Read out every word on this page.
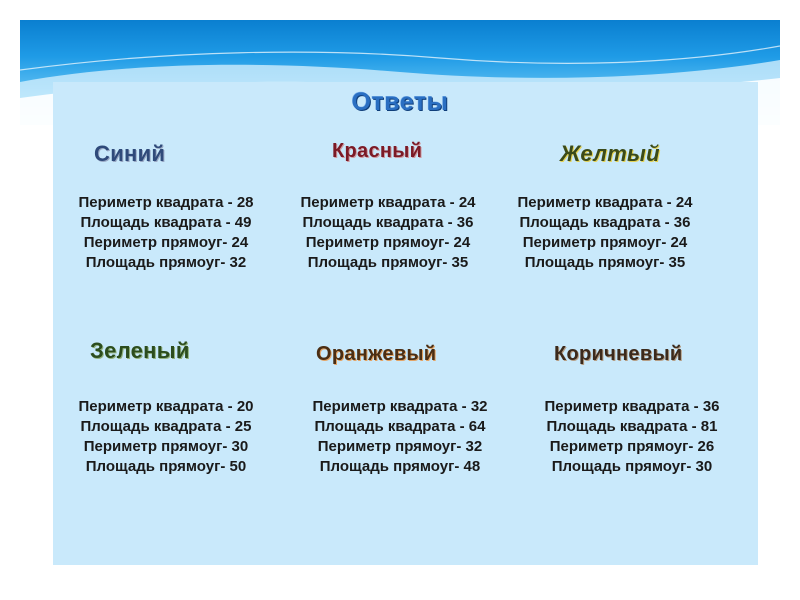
Ответы
Синий	Красный	Желтый
Периметр квадрата - 28
Площадь квадрата - 49
Периметр прямоуг- 24
Площадь прямоуг- 32
Периметр квадрата - 24
Площадь квадрата - 36
Периметр прямоуг- 24
Площадь прямоуг- 35
Периметр квадрата - 24
Площадь квадрата - 36
Периметр прямоуг- 24
Площадь прямоуг- 35
Зеленый	Оранжевый	Коричневый
Периметр квадрата - 20
Площадь квадрата - 25
Периметр прямоуг- 30
Площадь прямоуг- 50
Периметр квадрата - 32
Площадь квадрата - 64
Периметр прямоуг- 32
Площадь прямоуг- 48
Периметр квадрата - 36
Площадь квадрата - 81
Периметр прямоуг- 26
Площадь прямоуг- 30
